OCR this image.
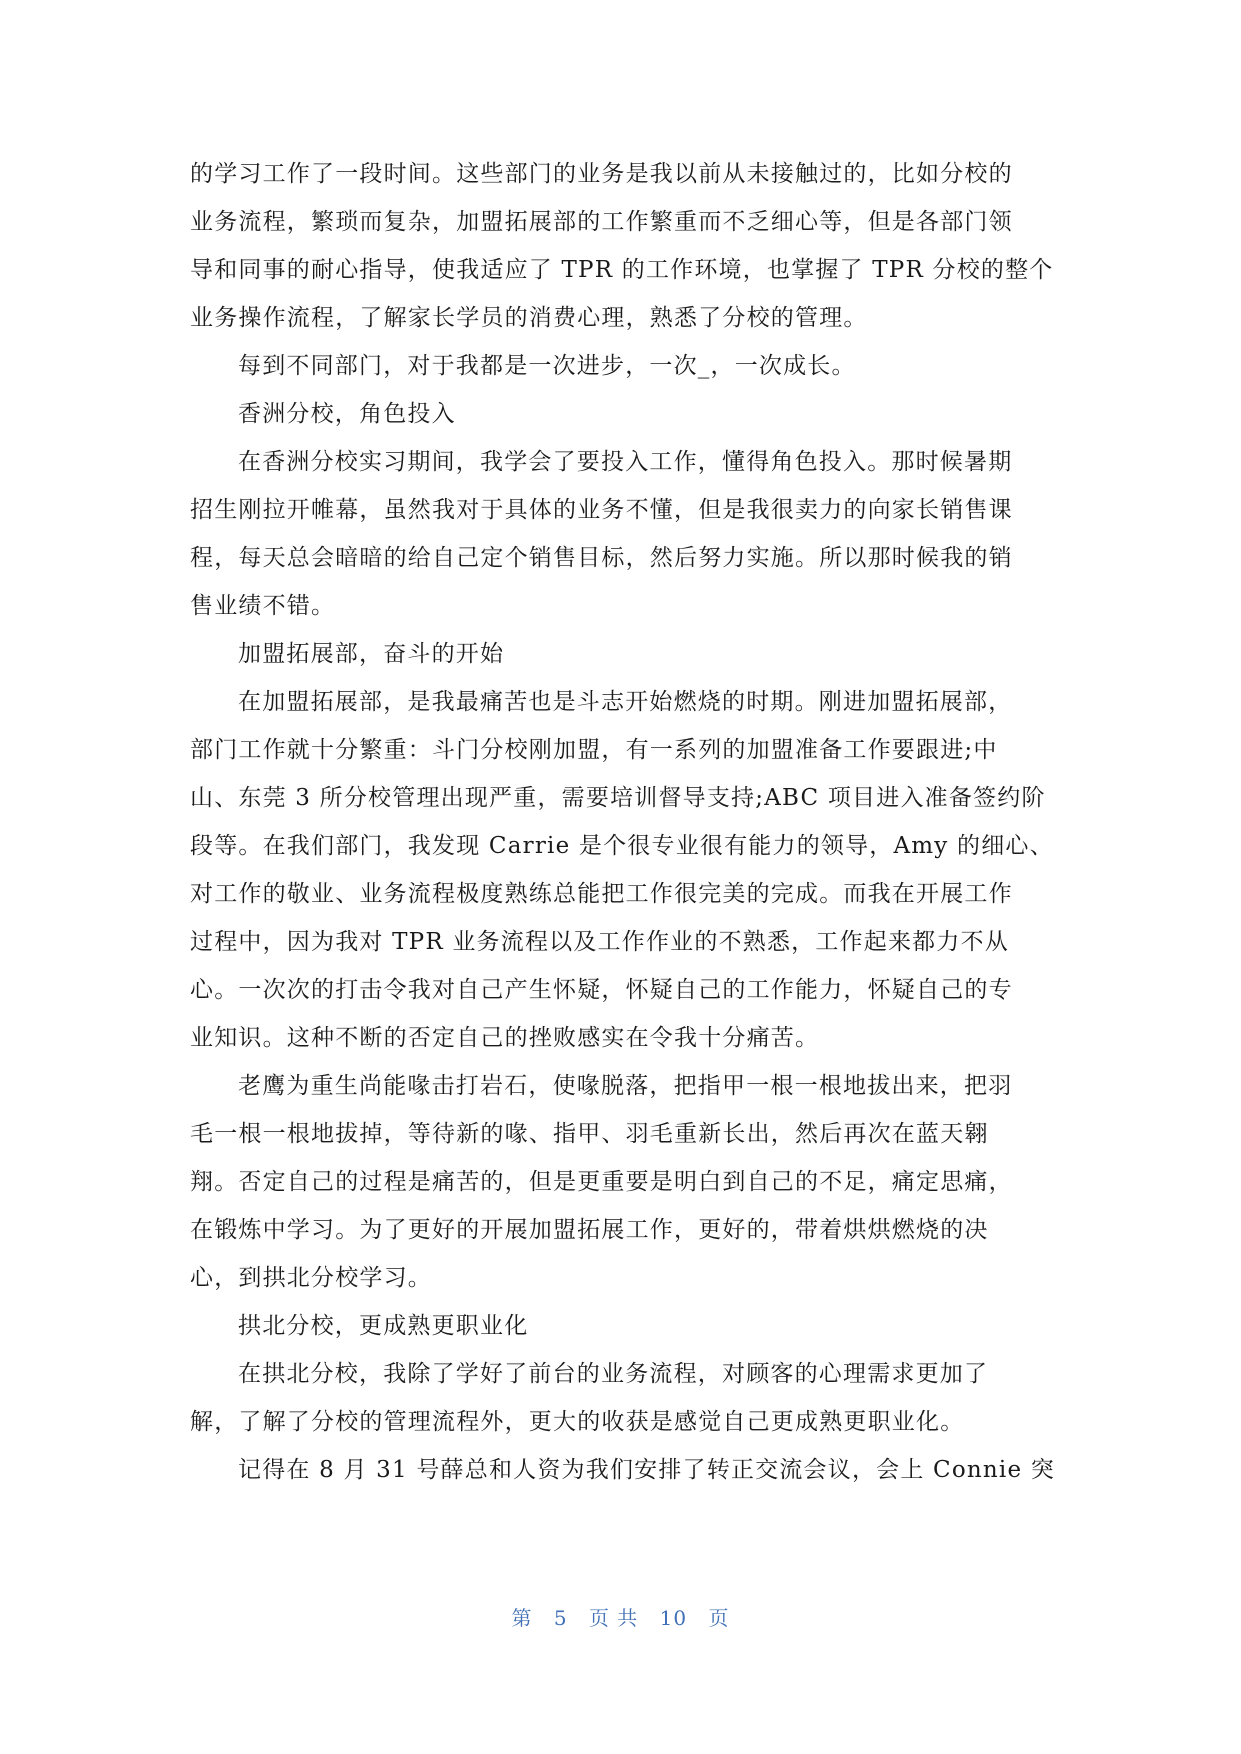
的学习工作了一段时间。这些部门的业务是我以前从未接触过的，比如分校的
业务流程，繁琐而复杂，加盟拓展部的工作繁重而不乏细心等，但是各部门领
导和同事的耐心指导，使我适应了 TPR 的工作环境，也掌握了 TPR 分校的整个
业务操作流程，了解家长学员的消费心理，熟悉了分校的管理。
每到不同部门，对于我都是一次进步，一次_，一次成长。
香洲分校，角色投入
在香洲分校实习期间，我学会了要投入工作，懂得角色投入。那时候暑期
招生刚拉开帷幕，虽然我对于具体的业务不懂，但是我很卖力的向家长销售课
程，每天总会暗暗的给自己定个销售目标，然后努力实施。所以那时候我的销
售业绩不错。
加盟拓展部，奋斗的开始
在加盟拓展部，是我最痛苦也是斗志开始燃烧的时期。刚进加盟拓展部，
部门工作就十分繁重：斗门分校刚加盟，有一系列的加盟准备工作要跟进;中
山、东莞 3 所分校管理出现严重，需要培训督导支持;ABC 项目进入准备签约阶
段等。在我们部门，我发现 Carrie 是个很专业很有能力的领导，Amy 的细心、
对工作的敬业、业务流程极度熟练总能把工作很完美的完成。而我在开展工作
过程中，因为我对 TPR 业务流程以及工作作业的不熟悉，工作起来都力不从
心。一次次的打击令我对自己产生怀疑，怀疑自己的工作能力，怀疑自己的专
业知识。这种不断的否定自己的挫败感实在令我十分痛苦。
老鹰为重生尚能喙击打岩石，使喙脱落，把指甲一根一根地拔出来，把羽
毛一根一根地拔掉，等待新的喙、指甲、羽毛重新长出，然后再次在蓝天翱
翔。否定自己的过程是痛苦的，但是更重要是明白到自己的不足，痛定思痛，
在锻炼中学习。为了更好的开展加盟拓展工作，更好的，带着烘烘燃烧的决
心，到拱北分校学习。
拱北分校，更成熟更职业化
在拱北分校，我除了学好了前台的业务流程，对顾客的心理需求更加了
解，了解了分校的管理流程外，更大的收获是感觉自己更成熟更职业化。
记得在 8 月 31 号薛总和人资为我们安排了转正交流会议，会上 Connie 突
第 5 页 共 10 页
